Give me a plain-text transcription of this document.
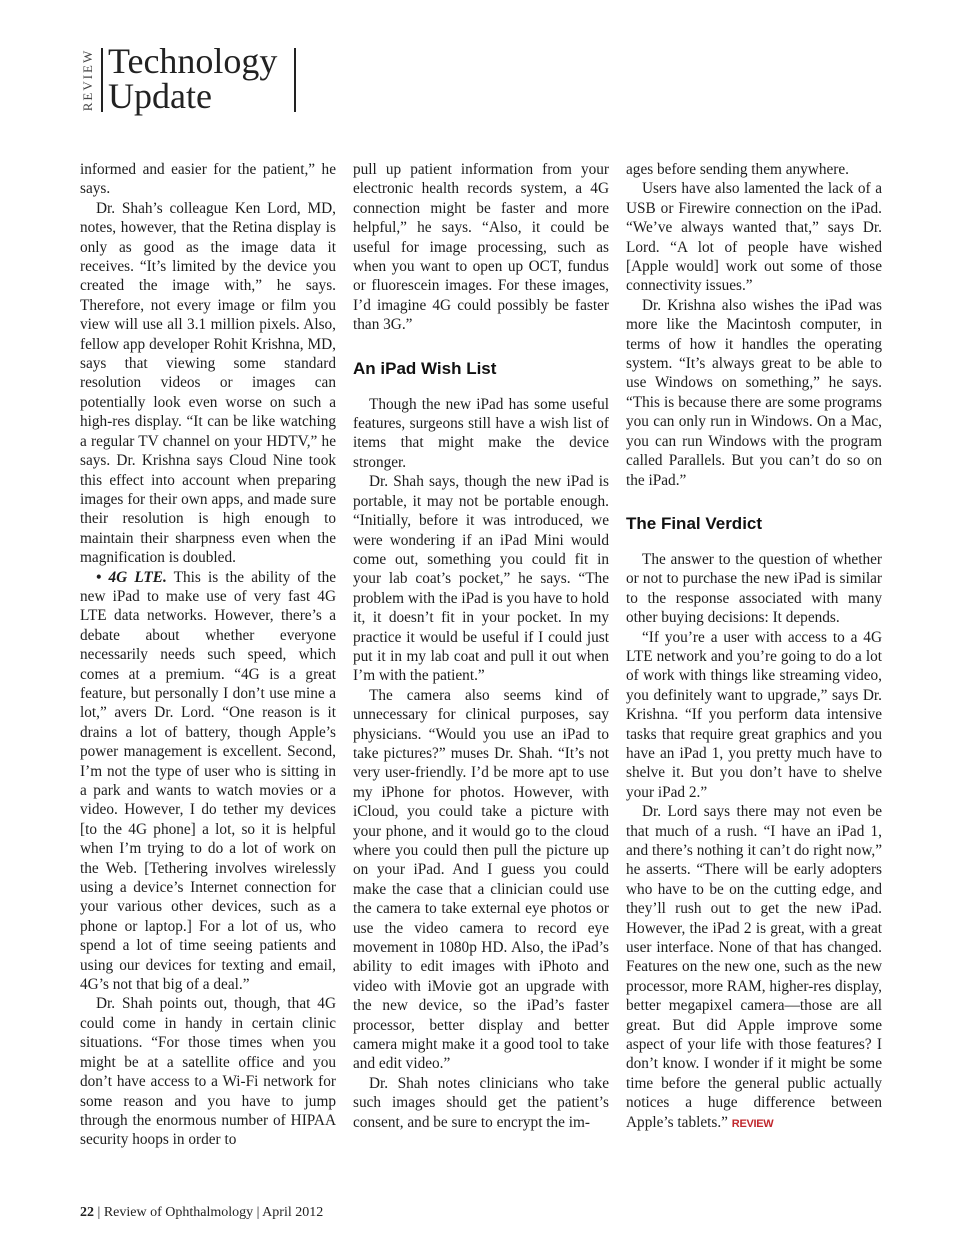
REVIEW Technology
Update

informed and easier for the patient,” he says.

Dr. Shah’s colleague Ken Lord, MD, notes, however, that the Retina display is only as good as the image data it receives. “It’s limited by the device you created the image with,” he says. Therefore, not every image or film you view will use all 3.1 million pixels. Also, fellow app developer Rohit Krishna, MD, says that viewing some standard resolution videos or images can potentially look even worse on such a high-res display. “It can be like watching a regular TV channel on your HDTV,” he says. Dr. Krishna says Cloud Nine took this effect into account when preparing images for their own apps, and made sure their resolution is high enough to maintain their sharpness even when the magnification is doubled.

• 4G LTE. This is the ability of the new iPad to make use of very fast 4G LTE data networks. However, there’s a debate about whether everyone necessarily needs such speed, which comes at a premium. “4G is a great feature, but personally I don’t use mine a lot,” avers Dr. Lord. “One reason is it drains a lot of battery, though Apple’s power management is excellent. Second, I’m not the type of user who is sitting in a park and wants to watch movies or a video. However, I do tether my devices [to the 4G phone] a lot, so it is helpful when I’m trying to do a lot of work on the Web. [Tethering involves wirelessly using a device’s Internet connection for your various other devices, such as a phone or laptop.] For a lot of us, who spend a lot of time seeing patients and using our devices for texting and email, 4G’s not that big of a deal.”

Dr. Shah points out, though, that 4G could come in handy in certain clinic situations. “For those times when you might be at a satellite office and you don’t have access to a Wi-Fi network for some reason and you have to jump through the enormous number of HIPAA security hoops in order to

pull up patient information from your electronic health records system, a 4G connection might be faster and more helpful,” he says. “Also, it could be useful for image processing, such as when you want to open up OCT, fundus or fluorescein images. For these images, I’d imagine 4G could possibly be faster than 3G.”

An iPad Wish List

Though the new iPad has some useful features, surgeons still have a wish list of items that might make the device stronger.

Dr. Shah says, though the new iPad is portable, it may not be portable enough. “Initially, before it was introduced, we were wondering if an iPad Mini would come out, something you could fit in your lab coat’s pocket,” he says. “The problem with the iPad is you have to hold it, it doesn’t fit in your pocket. In my practice it would be useful if I could just put it in my lab coat and pull it out when I’m with the patient.”

The camera also seems kind of unnecessary for clinical purposes, say physicians. “Would you use an iPad to take pictures?” muses Dr. Shah. “It’s not very user-friendly. I’d be more apt to use my iPhone for photos. However, with iCloud, you could take a picture with your phone, and it would go to the cloud where you could then pull the picture up on your iPad. And I guess you could make the case that a clinician could use the camera to take external eye photos or use the video camera to record eye movement in 1080p HD. Also, the iPad’s ability to edit images with iPhoto and video with iMovie got an upgrade with the new device, so the iPad’s faster processor, better display and better camera might make it a good tool to take and edit video.”

Dr. Shah notes clinicians who take such images should get the patient’s consent, and be sure to encrypt the im-

ages before sending them anywhere.

Users have also lamented the lack of a USB or Firewire connection on the iPad. “We’ve always wanted that,” says Dr. Lord. “A lot of people have wished [Apple would] work out some of those connectivity issues.”

Dr. Krishna also wishes the iPad was more like the Macintosh computer, in terms of how it handles the operating system. “It’s always great to be able to use Windows on something,” he says. “This is because there are some programs you can only run in Windows. On a Mac, you can run Windows with the program called Parallels. But you can’t do so on the iPad.”

The Final Verdict

The answer to the question of whether or not to purchase the new iPad is similar to the response associated with many other buying decisions: It depends.

“If you’re a user with access to a 4G LTE network and you’re going to do a lot of work with things like streaming video, you definitely want to upgrade,” says Dr. Krishna. “If you perform data intensive tasks that require great graphics and you have an iPad 1, you pretty much have to shelve it. But you don’t have to shelve your iPad 2.”

Dr. Lord says there may not even be that much of a rush. “I have an iPad 1, and there’s nothing it can’t do right now,” he asserts. “There will be early adopters who have to be on the cutting edge, and they’ll rush out to get the new iPad. However, the iPad 2 is great, with a great user interface. None of that has changed. Features on the new one, such as the new processor, more RAM, higher-res display, better megapixel camera—those are all great. But did Apple improve some aspect of your life with those features? I don’t know. I wonder if it might be some time before the general public actually notices a huge difference between Apple’s tablets.” REVIEW

22 | Review of Ophthalmology | April 2012
